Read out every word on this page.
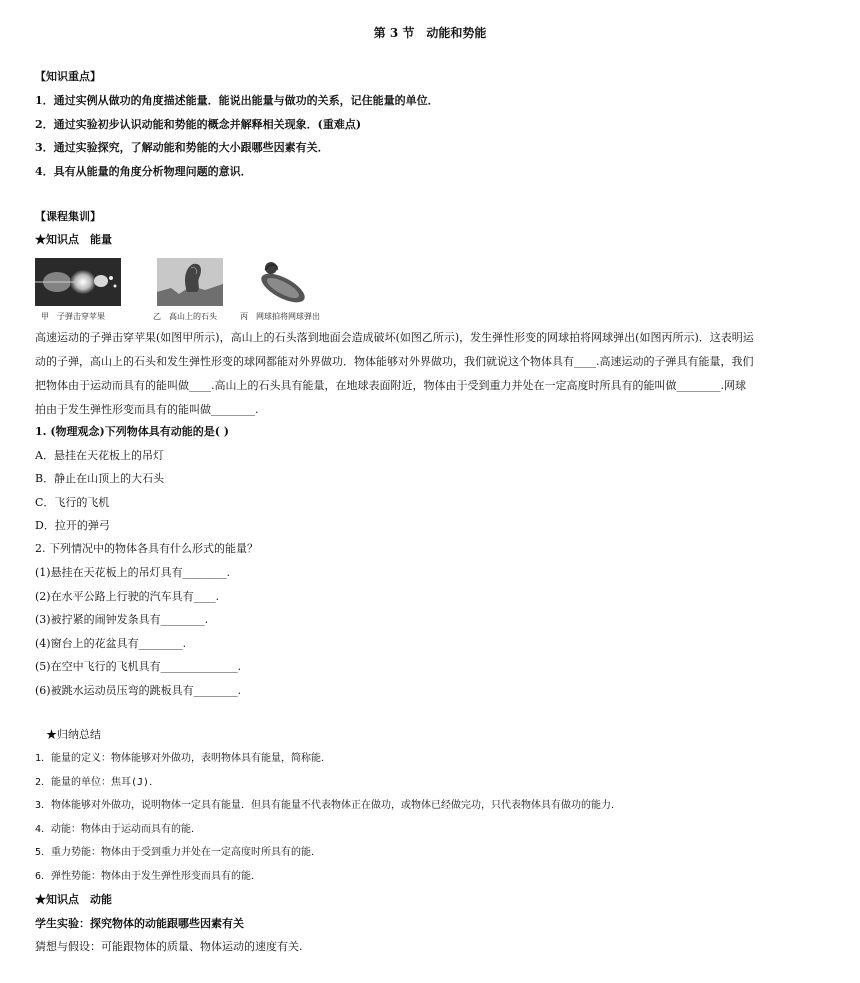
第 3 节　动能和势能
【知识重点】
1．通过实例从做功的角度描述能量．能说出能量与做功的关系，记住能量的单位．
2．通过实验初步认识动能和势能的概念并解释相关现象．(重难点)
3．通过实验探究，了解动能和势能的大小跟哪些因素有关．
4．具有从能量的角度分析物理问题的意识．
【课程集训】
★知识点　能量
甲　子弹击穿苹果	乙　高山上的石头	丙　网球拍将网球弹出
高速运动的子弹击穿苹果(如图甲所示)，高山上的石头落到地面会造成破坏(如图乙所示)，发生弹性形变的网球拍将网球弹出(如图丙所示)．这表明运
动的子弹，高山上的石头和发生弹性形变的球网都能对外界做功．物体能够对外界做功，我们就说这个物体具有____.高速运动的子弹具有能量，我们
把物体由于运动而具有的能叫做____.高山上的石头具有能量，在地球表面附近，物体由于受到重力并处在一定高度时所具有的能叫做________.网球
拍由于发生弹性形变而具有的能叫做________.
1. (物理观念)下列物体具有动能的是( )
A．悬挂在天花板上的吊灯
B．静止在山顶上的大石头
C．飞行的飞机
D．拉开的弹弓
2. 下列情况中的物体各具有什么形式的能量？
(1)悬挂在天花板上的吊灯具有________.
(2)在水平公路上行驶的汽车具有____.
(3)被拧紧的闹钟发条具有________.
(4)窗台上的花盆具有________.
(5)在空中飞行的飞机具有______________.
(6)被跳水运动员压弯的跳板具有________.
★归纳总结
1．能量的定义：物体能够对外做功，表明物体具有能量，简称能．
2．能量的单位：焦耳(J)．
3．物体能够对外做功，说明物体一定具有能量．但具有能量不代表物体正在做功，或物体已经做完功，只代表物体具有做功的能力．
4．动能：物体由于运动而具有的能．
5．重力势能：物体由于受到重力并处在一定高度时所具有的能．
6．弹性势能：物体由于发生弹性形变而具有的能．
★知识点　动能
学生实验：探究物体的动能跟哪些因素有关
猜想与假设：可能跟物体的质量、物体运动的速度有关.
